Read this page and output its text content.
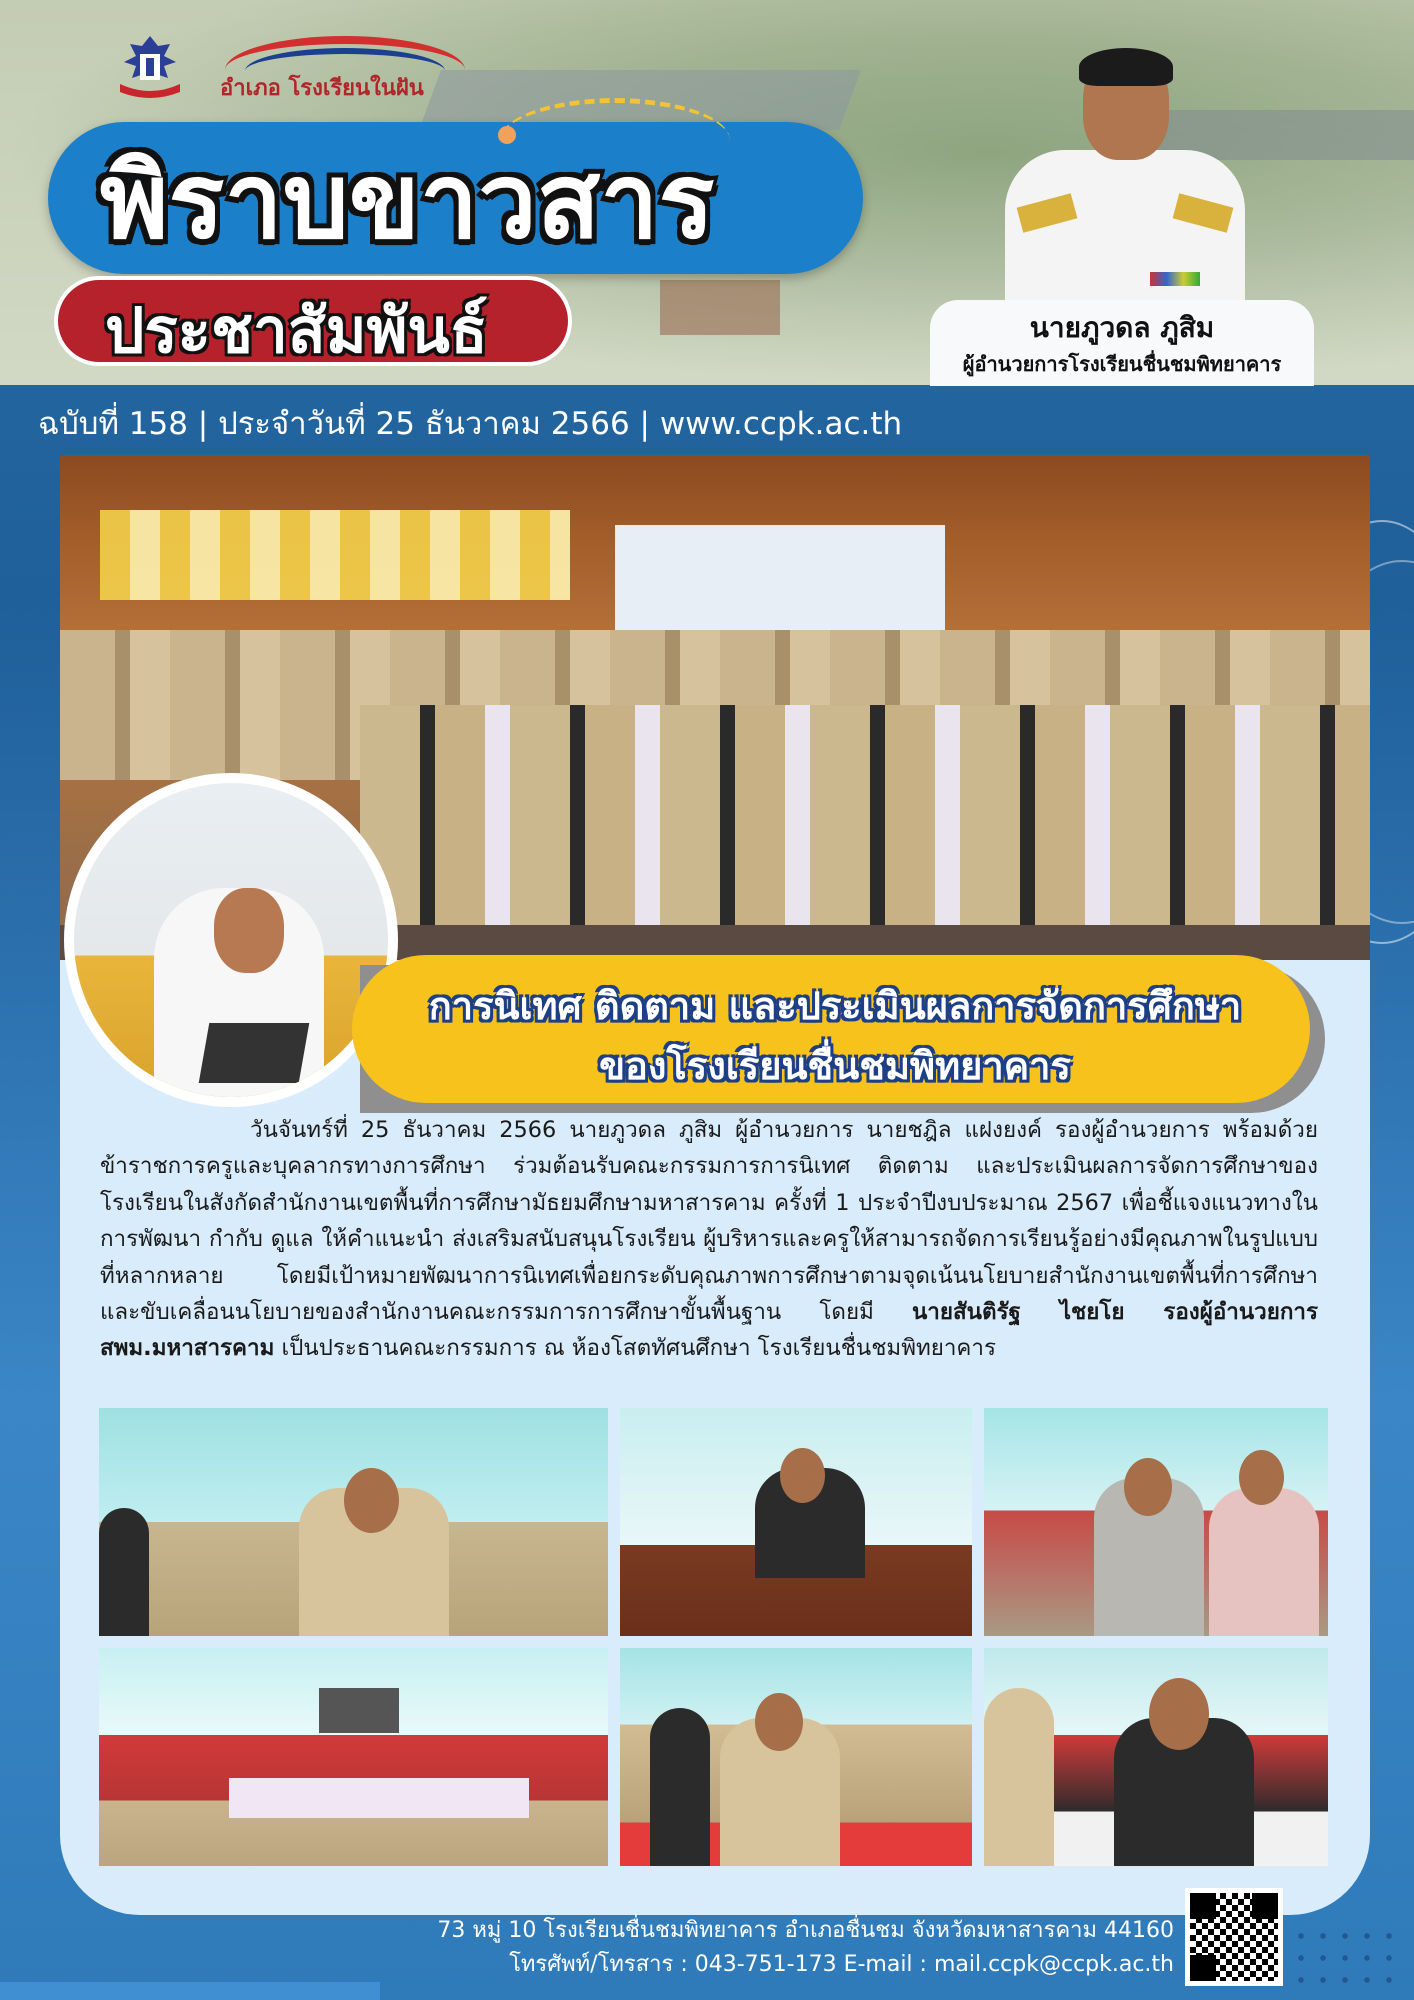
อำเภอ โรงเรียนในฝัน
พิราบขาวสาร
ประชาสัมพันธ์	นายภูวดล ภูสิม
ผู้อำนวยการโรงเรียนชื่นชมพิทยาคาร
ฉบับที่ 158 | ประจำวันที่ 25 ธันวาคม 2566 | www.ccpk.ac.th
การนิเทศ ติดตาม และประเมินผลการจัดการศึกษา
ของโรงเรียนชื่นชมพิทยาคาร
วันจันทร์ที่ 25 ธันวาคม 2566 นายภูวดล ภูสิม ผู้อำนวยการ นายชฎิล แฝงยงค์ รองผู้อำนวยการ พร้อมด้วยข้าราชการครูและบุคลากรทางการศึกษา ร่วมต้อนรับคณะกรรมการการนิเทศ ติดตาม และประเมินผลการจัดการศึกษาของโรงเรียนในสังกัดสำนักงานเขตพื้นที่การศึกษามัธยมศึกษามหาสารคาม ครั้งที่ 1 ประจำปีงบประมาณ 2567 เพื่อชี้แจงแนวทางในการพัฒนา กำกับ ดูแล ให้คำแนะนำ ส่งเสริมสนับสนุนโรงเรียน ผู้บริหารและครูให้สามารถจัดการเรียนรู้อย่างมีคุณภาพในรูปแบบที่หลากหลาย โดยมีเป้าหมายพัฒนาการนิเทศเพื่อยกระดับคุณภาพการศึกษาตามจุดเน้นนโยบายสำนักงานเขตพื้นที่การศึกษา และขับเคลื่อนนโยบายของสำนักงานคณะกรรมการการศึกษาขั้นพื้นฐาน โดยมี นายสันติรัฐ ไชยโย รองผู้อำนวยการ สพม.มหาสารคาม เป็นประธานคณะกรรมการ ณ ห้องโสตทัศนศึกษา โรงเรียนชื่นชมพิทยาคาร
73 หมู่ 10 โรงเรียนชื่นชมพิทยาคาร อำเภอชื่นชม จังหวัดมหาสารคาม 44160
โทรศัพท์/โทรสาร : 043-751-173 E-mail : mail.ccpk@ccpk.ac.th
